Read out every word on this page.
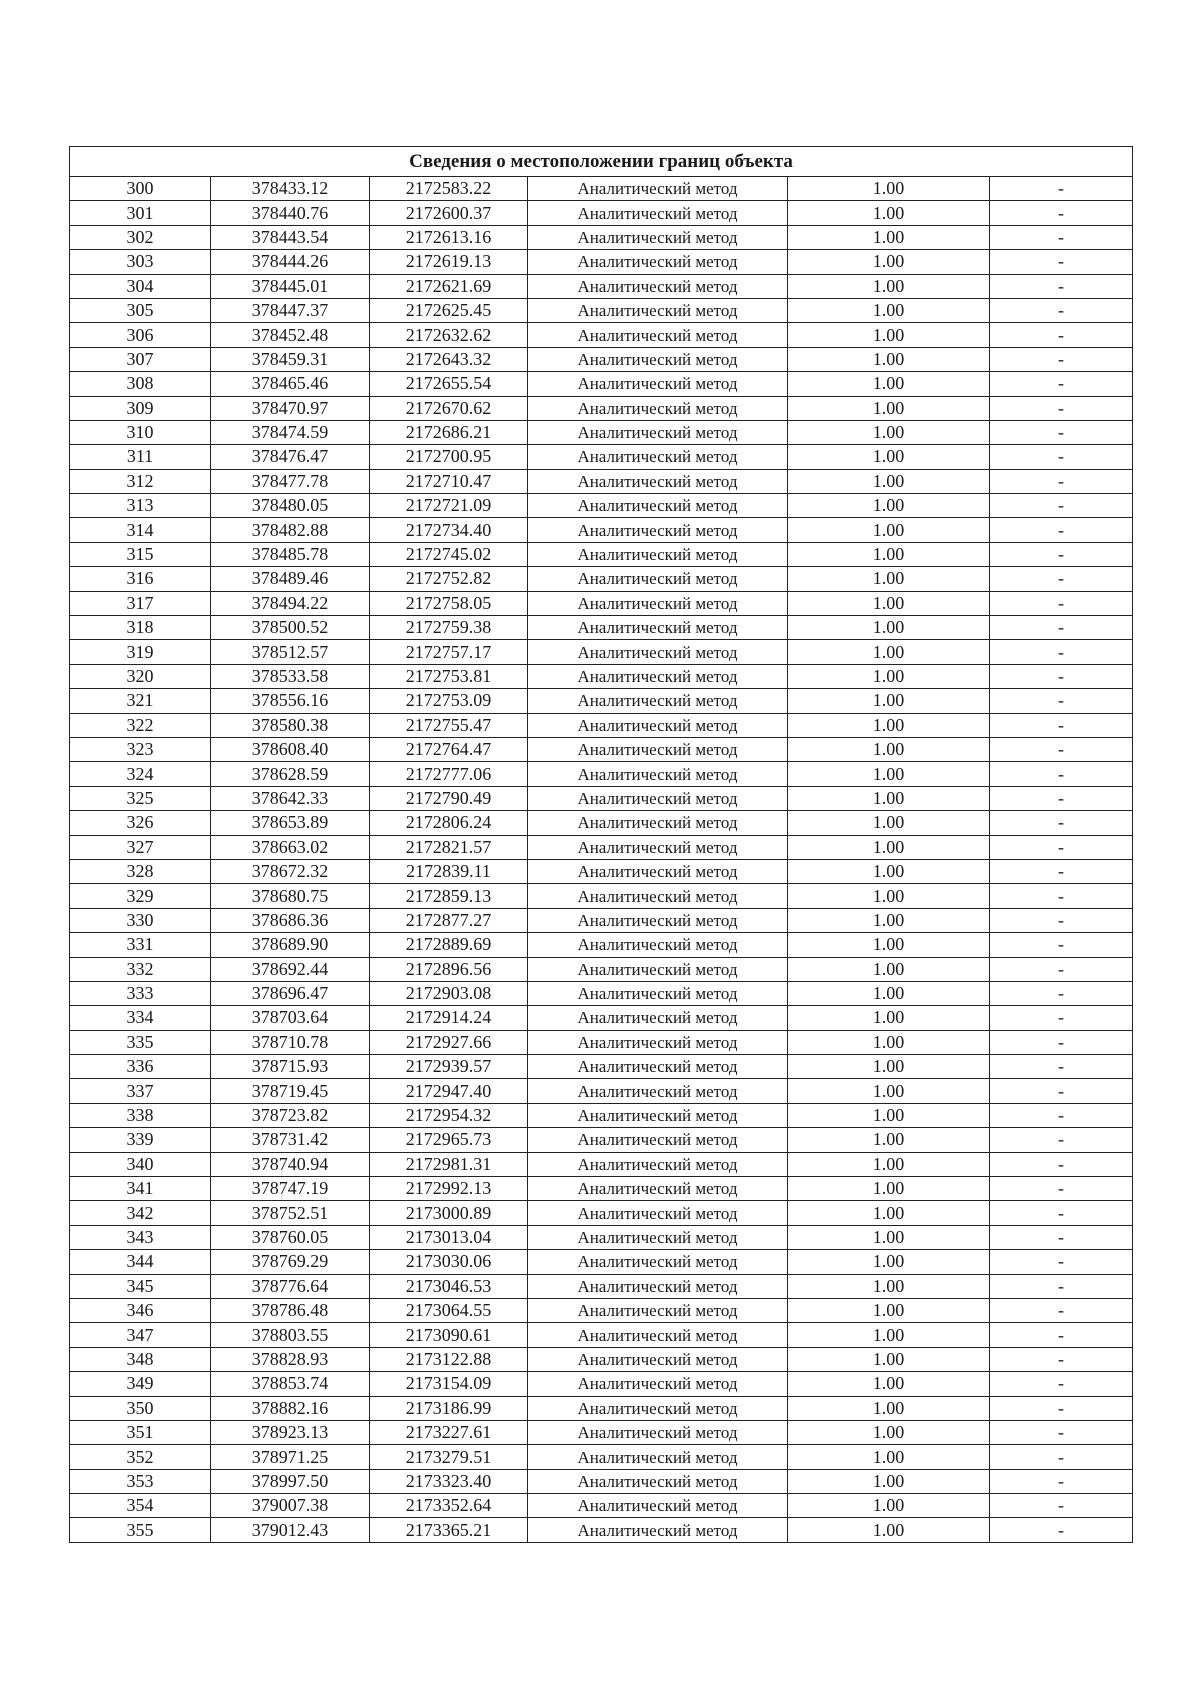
Сведения о местоположении границ объекта					
300	378433.12	2172583.22	Аналитический метод	1.00	-
301	378440.76	2172600.37	Аналитический метод	1.00	-
302	378443.54	2172613.16	Аналитический метод	1.00	-
303	378444.26	2172619.13	Аналитический метод	1.00	-
304	378445.01	2172621.69	Аналитический метод	1.00	-
305	378447.37	2172625.45	Аналитический метод	1.00	-
306	378452.48	2172632.62	Аналитический метод	1.00	-
307	378459.31	2172643.32	Аналитический метод	1.00	-
308	378465.46	2172655.54	Аналитический метод	1.00	-
309	378470.97	2172670.62	Аналитический метод	1.00	-
310	378474.59	2172686.21	Аналитический метод	1.00	-
311	378476.47	2172700.95	Аналитический метод	1.00	-
312	378477.78	2172710.47	Аналитический метод	1.00	-
313	378480.05	2172721.09	Аналитический метод	1.00	-
314	378482.88	2172734.40	Аналитический метод	1.00	-
315	378485.78	2172745.02	Аналитический метод	1.00	-
316	378489.46	2172752.82	Аналитический метод	1.00	-
317	378494.22	2172758.05	Аналитический метод	1.00	-
318	378500.52	2172759.38	Аналитический метод	1.00	-
319	378512.57	2172757.17	Аналитический метод	1.00	-
320	378533.58	2172753.81	Аналитический метод	1.00	-
321	378556.16	2172753.09	Аналитический метод	1.00	-
322	378580.38	2172755.47	Аналитический метод	1.00	-
323	378608.40	2172764.47	Аналитический метод	1.00	-
324	378628.59	2172777.06	Аналитический метод	1.00	-
325	378642.33	2172790.49	Аналитический метод	1.00	-
326	378653.89	2172806.24	Аналитический метод	1.00	-
327	378663.02	2172821.57	Аналитический метод	1.00	-
328	378672.32	2172839.11	Аналитический метод	1.00	-
329	378680.75	2172859.13	Аналитический метод	1.00	-
330	378686.36	2172877.27	Аналитический метод	1.00	-
331	378689.90	2172889.69	Аналитический метод	1.00	-
332	378692.44	2172896.56	Аналитический метод	1.00	-
333	378696.47	2172903.08	Аналитический метод	1.00	-
334	378703.64	2172914.24	Аналитический метод	1.00	-
335	378710.78	2172927.66	Аналитический метод	1.00	-
336	378715.93	2172939.57	Аналитический метод	1.00	-
337	378719.45	2172947.40	Аналитический метод	1.00	-
338	378723.82	2172954.32	Аналитический метод	1.00	-
339	378731.42	2172965.73	Аналитический метод	1.00	-
340	378740.94	2172981.31	Аналитический метод	1.00	-
341	378747.19	2172992.13	Аналитический метод	1.00	-
342	378752.51	2173000.89	Аналитический метод	1.00	-
343	378760.05	2173013.04	Аналитический метод	1.00	-
344	378769.29	2173030.06	Аналитический метод	1.00	-
345	378776.64	2173046.53	Аналитический метод	1.00	-
346	378786.48	2173064.55	Аналитический метод	1.00	-
347	378803.55	2173090.61	Аналитический метод	1.00	-
348	378828.93	2173122.88	Аналитический метод	1.00	-
349	378853.74	2173154.09	Аналитический метод	1.00	-
350	378882.16	2173186.99	Аналитический метод	1.00	-
351	378923.13	2173227.61	Аналитический метод	1.00	-
352	378971.25	2173279.51	Аналитический метод	1.00	-
353	378997.50	2173323.40	Аналитический метод	1.00	-
354	379007.38	2173352.64	Аналитический метод	1.00	-
355	379012.43	2173365.21	Аналитический метод	1.00	-
